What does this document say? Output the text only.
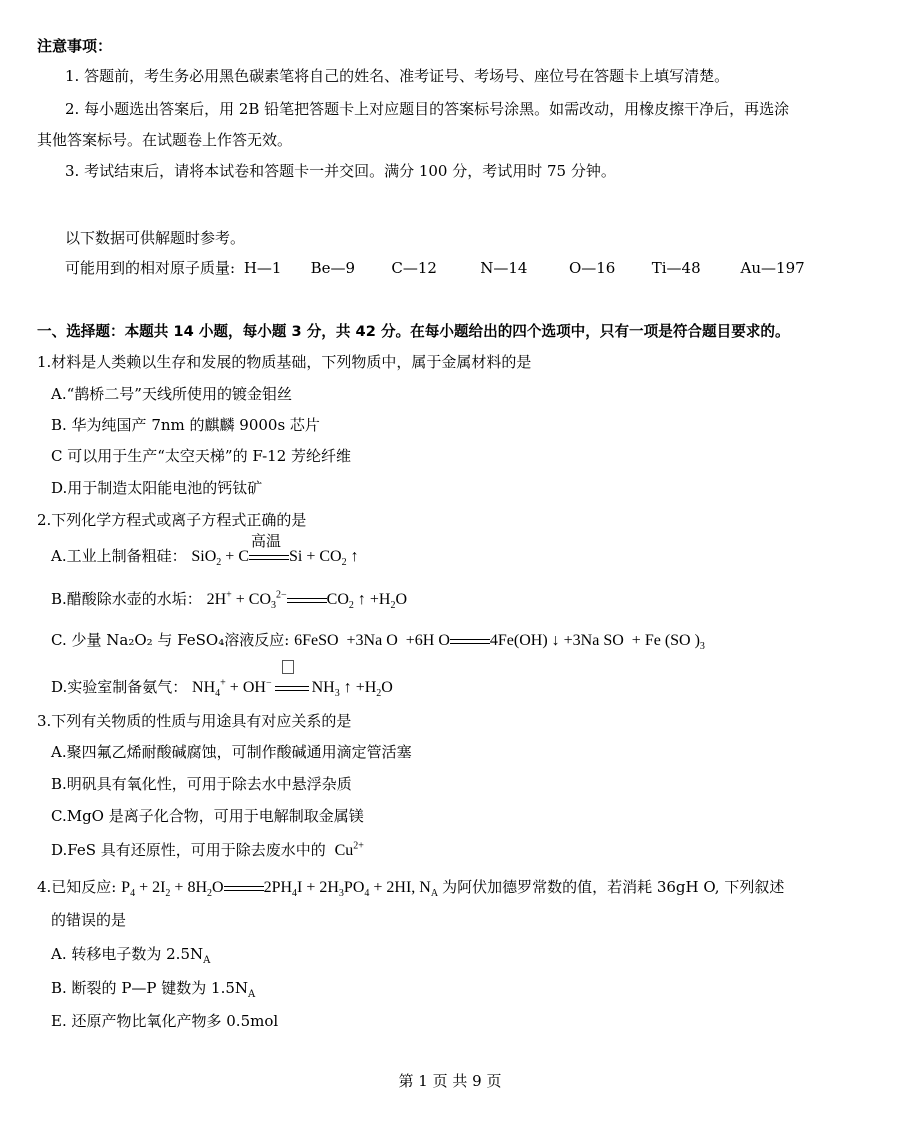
注意事项：
1. 答题前，考生务必用黑色碳素笔将自己的姓名、准考证号、考场号、座位号在答题卡上填写清楚。
2. 每小题选出答案后，用 2B 铅笔把答题卡上对应题目的答案标号涂黑。如需改动，用橡皮擦干净后，再选涂
其他答案标号。在试题卷上作答无效。
3. 考试结束后，请将本试卷和答题卡一并交回。满分 100 分，考试用时 75 分钟。
以下数据可供解题时参考。
可能用到的相对原子质量: H—1 Be—9 C—12	N—14	O—16 Ti—48	Au—197
一、选择题：本题共 14 小题，每小题 3 分，共 42 分。在每小题给出的四个选项中，只有一项是符合题目要求的。
1.材料是人类赖以生存和发展的物质基础，下列物质中，属于金属材料的是
A.“鹊桥二号”天线所使用的镀金钼丝
B. 华为纯国产 7nm 的麒麟 9000s 芯片
C 可以用于生产“太空天梯”的 F-12 芳纶纤维
D.用于制造太阳能电池的钙钛矿
2.下列化学方程式或离子方程式正确的是
A.工业上制备粗硅： SiO$_2$ + C
高温
$Si + CO_2$ ↑
B.醋酸除水壶的水垢： $2H^+ + CO_3^{2-}$	$CO_2$ ↑ $+H_2O$
C. 少量 Na₂O₂ 与 FeSO₄溶液反应: 6FeSO  +3Na O  +6H O	4Fe(OH) ↓ +3Na SO  + Fe (SO )$_3$
D.实验室制备氨气： $NH_4^+ + OH^-$	$NH_3$ ↑ $+H_2O$
3.下列有关物质的性质与用途具有对应关系的是
A.聚四氟乙烯耐酸碱腐蚀，可制作酸碱通用滴定管活塞
B.明矾具有氧化性，可用于除去水中悬浮杂质
C.MgO 是离子化合物，可用于电解制取金属镁
D.FeS 具有还原性，可用于除去废水中的  $Cu^{2+}$
4.已知反应: $P_4 + 2I_2 + 8H_2O$	$2PH_4I + 2H_3PO_4 + 2HI$, $N_A$ 为阿伏加德罗常数的值，若消耗 36gH O, 下列叙述
的错误的是
A. 转移电子数为 $2.5N_A$
B. 断裂的 P—P 键数为 $1.5N_A$
E. 还原产物比氧化产物多 0.5mol
第 1 页 共 9 页
